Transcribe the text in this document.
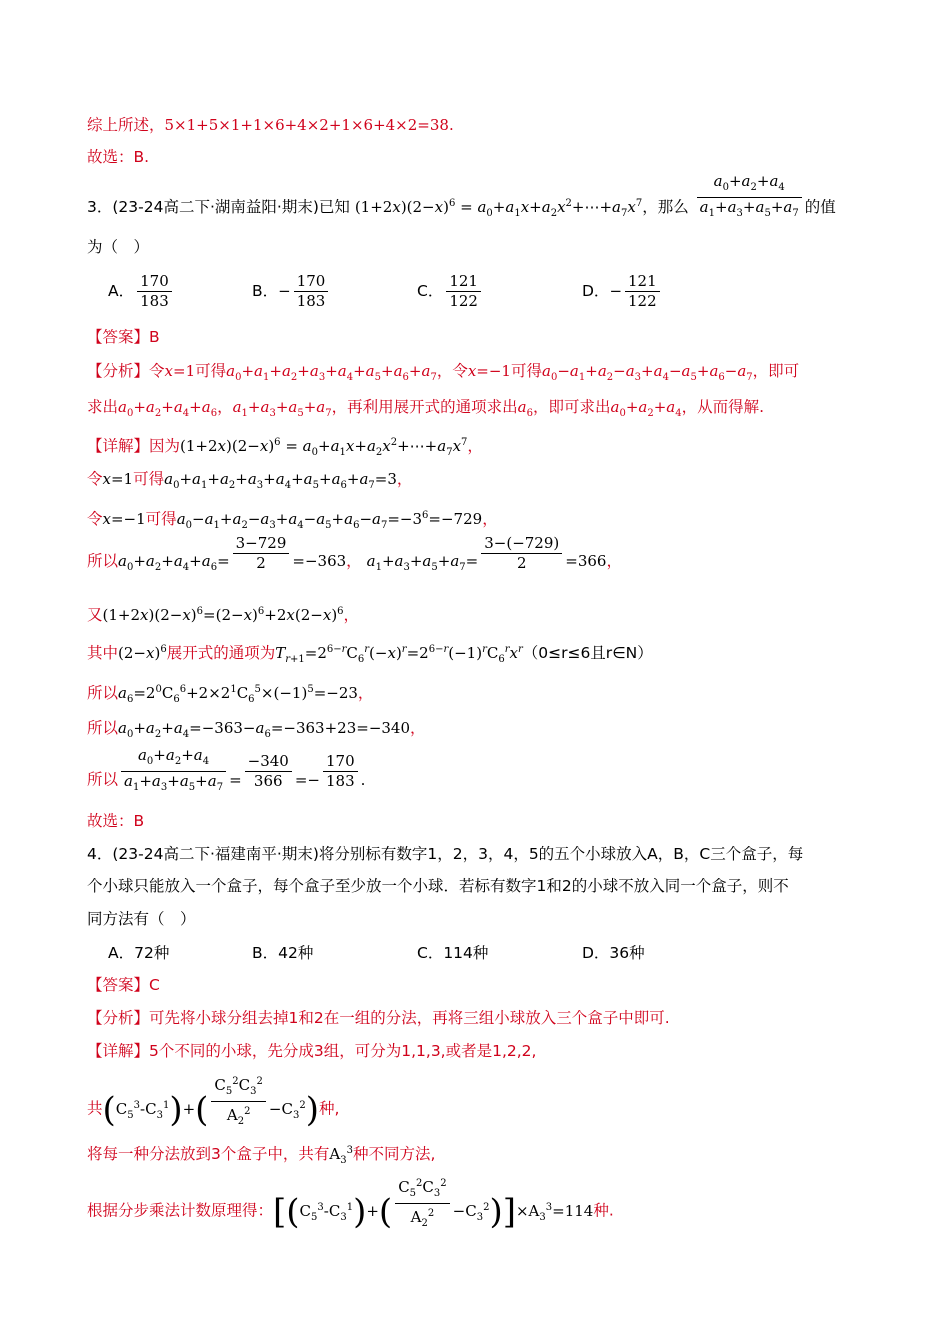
综上所述，5×1+5×1+1×6+4×2+1×6+4×2=38.
故选：B.
3．(23-24高二下·湖南益阳·期末)已知 $(1+2x)(2-x)^6$ = $a_0+a_1x+a_2x^2+\cdots+a_7x^7$，那么 $\frac{a_0+a_2+a_4}{a_1+a_3+a_5+a_7}$ 的值
为（　）
A． $\frac{170}{183}$	B．− $\frac{170}{183}$	C． $\frac{121}{122}$	D．− $\frac{121}{122}$
【答案】B
【分析】令x=1可得$a_0+a_1+a_2+a_3+a_4+a_5+a_6+a_7$，令x=−1可得$a_0-a_1+a_2-a_3+a_4-a_5+a_6-a_7$，即可
求出$a_0+a_2+a_4+a_6$，$a_1+a_3+a_5+a_7$，再利用展开式的通项求出$a_6$，即可求出$a_0+a_2+a_4$，从而得解.
【详解】因为$(1+2x)(2-x)^6$ = $a_0+a_1x+a_2x^2+\cdots+a_7x^7$，
令x=1可得$a_0+a_1+a_2+a_3+a_4+a_5+a_6+a_7=3$，
令x=−1可得$a_0-a_1+a_2-a_3+a_4-a_5+a_6-a_7=-3^6=-729$，
所以$a_0+a_2+a_4+a_6= \frac{3-729}{2} =-363$， $a_1+a_3+a_5+a_7= \frac{3-(-729)}{2} =366$，
又$(1+2x)(2-x)^6=(2-x)^6+2x(2-x)^6$，
其中$(2-x)^6$展开式的通项为$T_{r+1}=2^{6-r}C_6^r(-x)^r=2^{6-r}(-1)^rC_6^rx^r(0\le r\le 6$且r∈N）
所以$a_6=2^0C_6^6+2\times 2^1C_6^5\times(-1)^5=-23$，
所以$a_0+a_2+a_4=-363-a_6=-363+23=-340$，
所以 $\frac{a_0+a_2+a_4}{a_1+a_3+a_5+a_7} = \frac{-340}{366} =- \frac{170}{183}$ .
故选：B
4．(23-24高二下·福建南平·期末)将分别标有数字1，2，3，4，5的五个小球放入A，B，C三个盒子，每
个小球只能放入一个盒子，每个盒子至少放一个小球．若标有数字1和2的小球不放入同一个盒子，则不
同方法有（　）
A．72种	B．42种	C．114种	D．36种
【答案】C
【分析】可先将小球分组去掉1和2在一组的分法，再将三组小球放入三个盒子中即可.
【详解】5个不同的小球，先分成3组，可分为1,1,3,或者是1,2,2,
共$(C_5^3-C_3^1)+( \frac{C_5^2C_3^2}{A_2^2} -C_3^2)$种,
将每一种分法放到3个盒子中，共有$A_3^3$种不同方法,
根据分步乘法计数原理得：$[(C_5^3-C_3^1)+( \frac{C_5^2C_3^2}{A_2^2} -C_3^2)]\times A_3^3=114$种.
